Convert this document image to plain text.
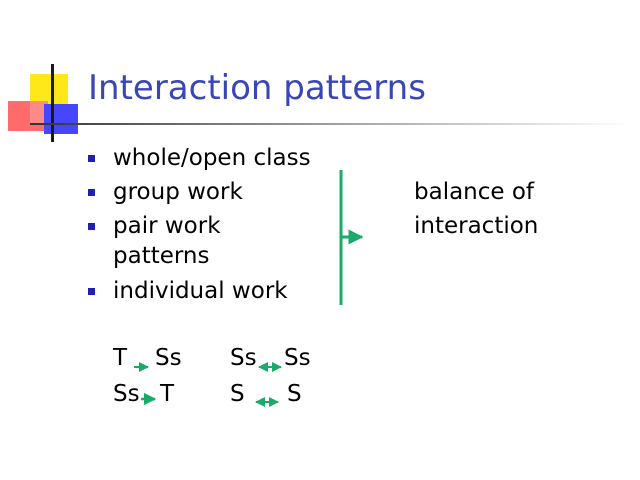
Interaction patterns
whole/open class
group work
pair work
patterns
individual work
balance of
interaction
T Ss Ss Ss
Ss T S S
